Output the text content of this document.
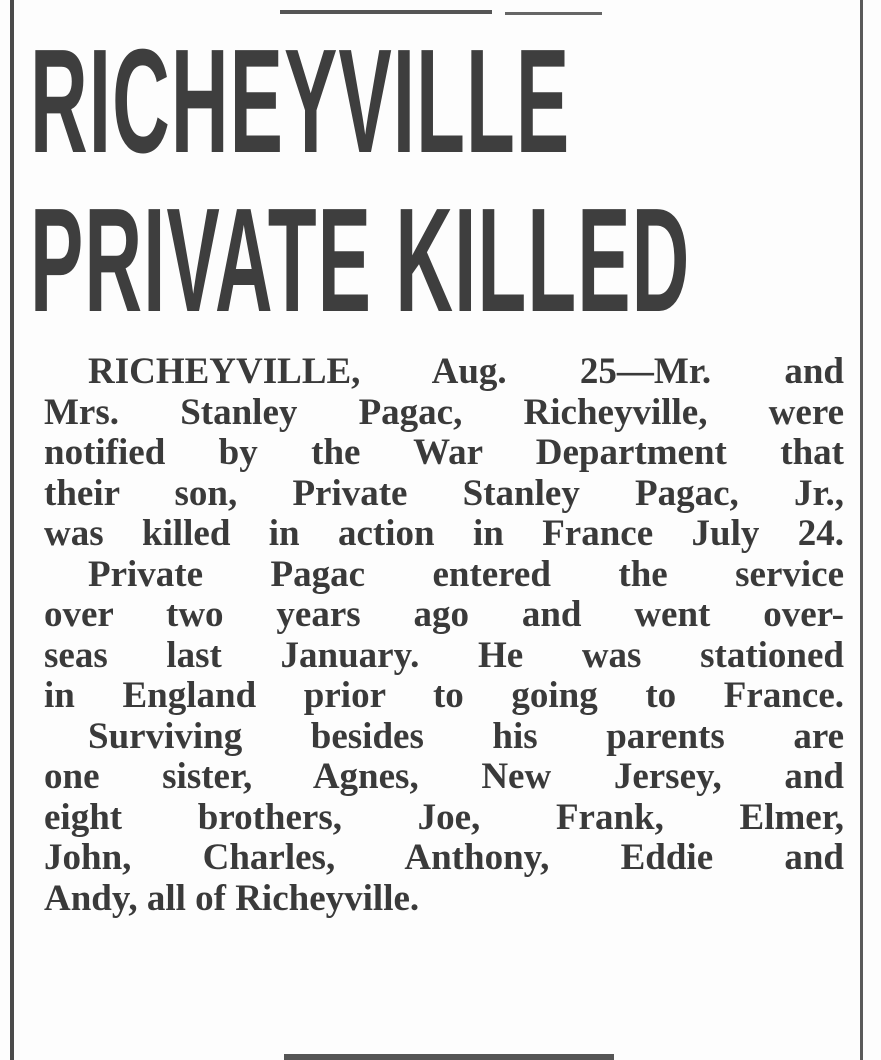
RICHEYVILLE
PRIVATE KILLED
RICHEYVILLE, Aug. 25—Mr. and
Mrs. Stanley Pagac, Richeyville, were
notified by the War Department that
their son, Private Stanley Pagac, Jr.,
was killed in action in France July 24.
Private Pagac entered the service
over two years ago and went over-
seas last January. He was stationed
in England prior to going to France.
Surviving besides his parents are
one sister, Agnes, New Jersey, and
eight brothers, Joe, Frank, Elmer,
John, Charles, Anthony, Eddie and
Andy, all of Richeyville.
